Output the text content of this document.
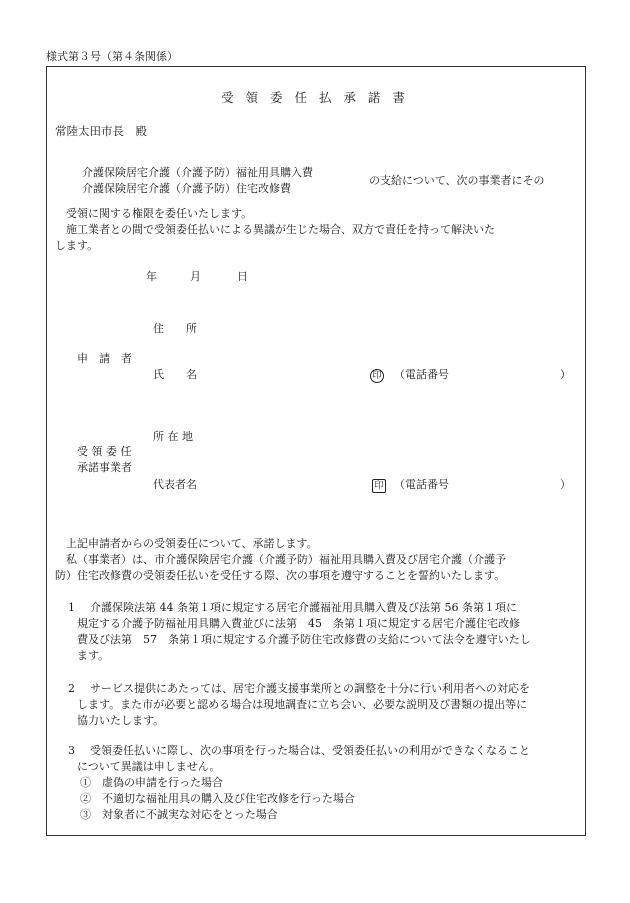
様式第３号（第４条関係）
受 領 委 任 払 承 諾 書
常陸太田市長　殿
介護保険居宅介護（介護予防）福祉用具購入費
介護保険居宅介護（介護予防）住宅改修費
の支給について、次の事業者にその
受領に関する権限を委任いたします。
施工業者との間で受領委任払いによる異議が生じた場合、双方で責任を持って解決いた
します。
年	月	日
住　　所
申　請　者
氏　　名	印 （電話番号	）
所 在 地
受 領 委 任
承諾事業者
代表者名	印 （電話番号	）
上記申請者からの受領委任について、承諾します。
私（事業者）は、市介護保険居宅介護（介護予防）福祉用具購入費及び居宅介護（介護予
防）住宅改修費の受領委任払いを受任する際、次の事項を遵守することを誓約いたします。
1 介護保険法第 44 条第１項に規定する居宅介護福祉用具購入費及び法第 56 条第１項に
規定する介護予防福祉用具購入費並びに法第　45　条第１項に規定する居宅介護住宅改修
費及び法第　57　条第１項に規定する介護予防住宅改修費の支給について法令を遵守いたし
ます。
2 サービス提供にあたっては、居宅介護支援事業所との調整を十分に行い利用者への対応を
します。また市が必要と認める場合は現地調査に立ち会い、必要な説明及び書類の提出等に
協力いたします。
3 受領委任払いに際し、次の事項を行った場合は、受領委任払いの利用ができなくなること
について異議は申しません。
①　虚偽の申請を行った場合
②　不適切な福祉用具の購入及び住宅改修を行った場合
③　対象者に不誠実な対応をとった場合
